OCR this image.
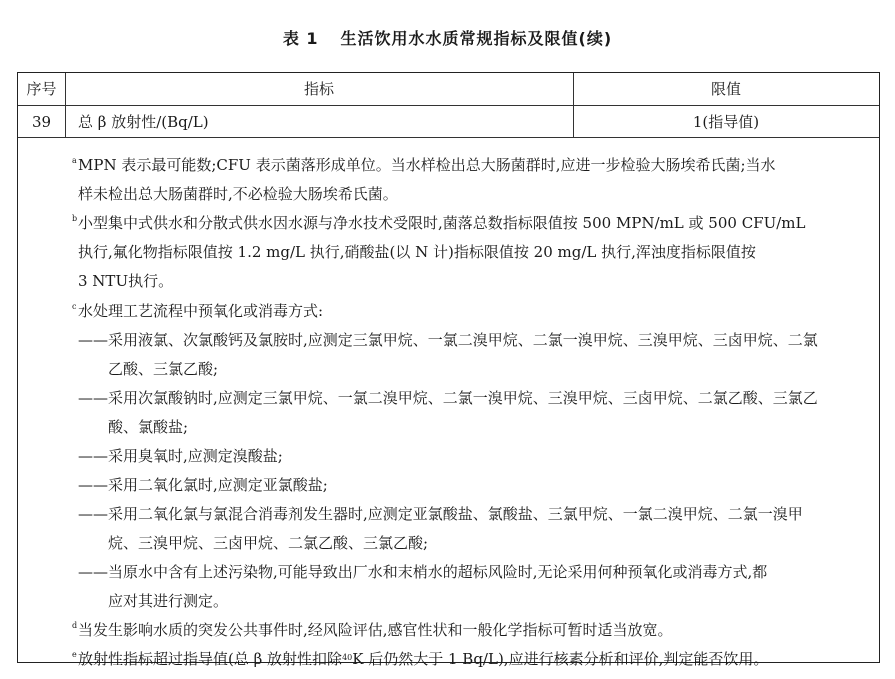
表 1 生活饮用水水质常规指标及限值(续)
序号	指标	限值
39	总 β 放射性/(Bq/L)	1(指导值)
a MPN 表示最可能数;CFU 表示菌落形成单位。当水样检出总大肠菌群时,应进一步检验大肠埃希氏菌;当水
样未检出总大肠菌群时,不必检验大肠埃希氏菌。
b 小型集中式供水和分散式供水因水源与净水技术受限时,菌落总数指标限值按 500 MPN/mL 或 500 CFU/mL
执行,氟化物指标限值按 1.2 mg/L 执行,硝酸盐(以 N 计)指标限值按 20 mg/L 执行,浑浊度指标限值按
3 NTU执行。
c 水处理工艺流程中预氧化或消毒方式:
——采用液氯、次氯酸钙及氯胺时,应测定三氯甲烷、一氯二溴甲烷、二氯一溴甲烷、三溴甲烷、三卤甲烷、二氯
乙酸、三氯乙酸;
——采用次氯酸钠时,应测定三氯甲烷、一氯二溴甲烷、二氯一溴甲烷、三溴甲烷、三卤甲烷、二氯乙酸、三氯乙
酸、氯酸盐;
——采用臭氧时,应测定溴酸盐;
——采用二氧化氯时,应测定亚氯酸盐;
——采用二氧化氯与氯混合消毒剂发生器时,应测定亚氯酸盐、氯酸盐、三氯甲烷、一氯二溴甲烷、二氯一溴甲
烷、三溴甲烷、三卤甲烷、二氯乙酸、三氯乙酸;
——当原水中含有上述污染物,可能导致出厂水和末梢水的超标风险时,无论采用何种预氧化或消毒方式,都
应对其进行测定。
d 当发生影响水质的突发公共事件时,经风险评估,感官性状和一般化学指标可暂时适当放宽。
e 放射性指标超过指导值(总 β 放射性扣除$^{40}$K 后仍然大于 1 Bq/L),应进行核素分析和评价,判定能否饮用。
